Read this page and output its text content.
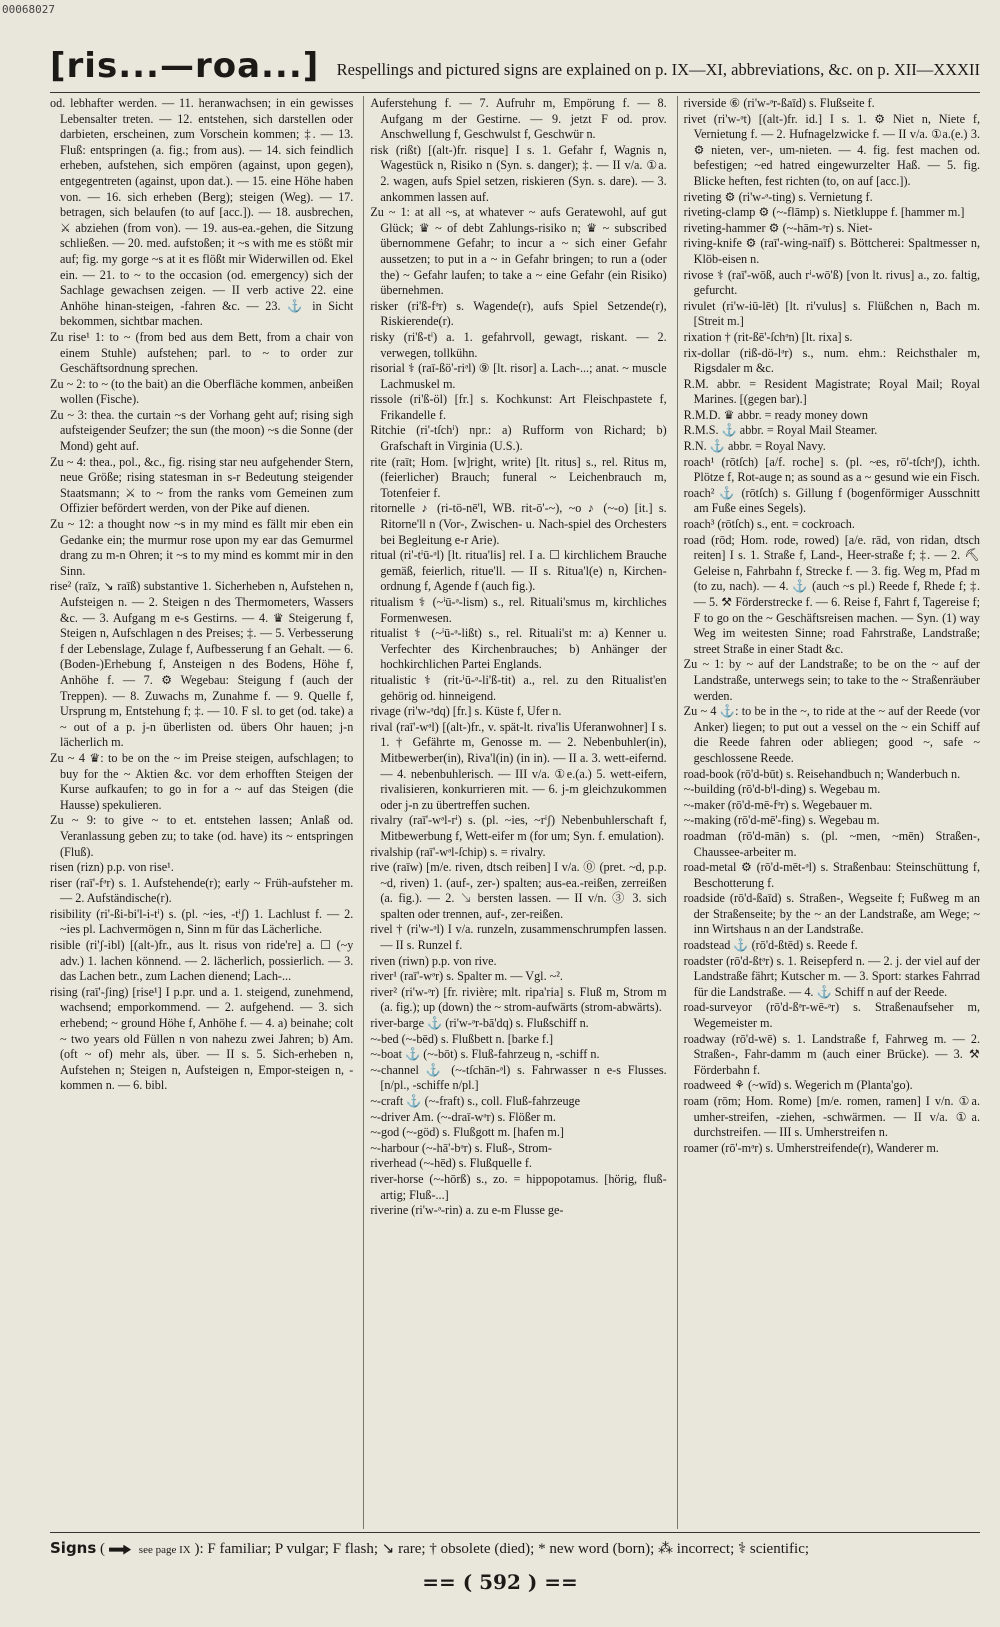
00068027
[ris...—roa...] Respellings and pictured signs are explained on p. IX—XI, abbreviations, &c. on p. XII—XXXII

od. lebhafter werden. — 11. heranwachsen; in ein gewisses Lebensalter treten. — 12. entstehen, sich darstellen oder darbieten, erscheinen, zum Vorschein kommen; ‡. — 13. Fluß: entspringen (a. fig.; from aus). — 14. sich feindlich erheben, aufstehen, sich empören (against, upon gegen), entgegentreten (against, upon dat.). — 15. eine Höhe haben von. — 16. sich erheben (Berg); steigen (Weg). — 17. betragen, sich belaufen (to auf [acc.]). — 18. ausbrechen, ⚔ abziehen (from von). — 19. aus-ea.-gehen, die Sitzung schließen. — 20. med. aufstoßen; it ~s with me es stößt mir auf; fig. my gorge ~s at it es flößt mir Widerwillen od. Ekel ein. — 21. to ~ to the occasion (od. emergency) sich der Sachlage gewachsen zeigen. — II verb active 22. eine Anhöhe hinan-steigen, -fahren &c. — 23. ⚓ in Sicht bekommen, sichtbar machen.

Zu rise¹ 1: to ~ (from bed aus dem Bett, from a chair von einem Stuhle) aufstehen; parl. to ~ to order zur Geschäftsordnung sprechen.

Zu ~ 2: to ~ (to the bait) an die Oberfläche kommen, anbeißen wollen (Fische).

Zu ~ 3: thea. the curtain ~s der Vorhang geht auf; rising sigh aufsteigender Seufzer; the sun (the moon) ~s die Sonne (der Mond) geht auf.

Zu ~ 4: thea., pol., &c., fig. rising star neu aufgehender Stern, neue Größe; rising statesman in s-r Bedeutung steigender Staatsmann; ⚔ to ~ from the ranks vom Gemeinen zum Offizier befördert werden, von der Pike auf dienen.

Zu ~ 12: a thought now ~s in my mind es fällt mir eben ein Gedanke ein; the murmur rose upon my ear das Gemurmel drang zu m-n Ohren; it ~s to my mind es kommt mir in den Sinn.

rise² (raīz, ↘ raīß) substantive 1. Sicherheben n, Aufstehen n, Aufsteigen n. — 2. Steigen n des Thermometers, Wassers &c. — 3. Aufgang m e-s Gestirns. — 4. ♛ Steigerung f, Steigen n, Aufschlagen n des Preises; ‡. — 5. Verbesserung f der Lebenslage, Zulage f, Aufbesserung f an Gehalt. — 6. (Boden-)Erhebung f, Ansteigen n des Bodens, Höhe f, Anhöhe f. — 7. ⚙ Wegebau: Steigung f (auch der Treppen). — 8. Zuwachs m, Zunahme f. — 9. Quelle f, Ursprung m, Entstehung f; ‡. — 10. F sl. to get (od. take) a ~ out of a p. j-n überlisten od. übers Ohr hauen; j-n lächerlich m.

Zu ~ 4 ♛: to be on the ~ im Preise steigen, aufschlagen; to buy for the ~ Aktien &c. vor dem erhofften Steigen der Kurse aufkaufen; to go in for a ~ auf das Steigen (die Hausse) spekulieren.

Zu ~ 9: to give ~ to et. entstehen lassen; Anlaß od. Veranlassung geben zu; to take (od. have) its ~ entspringen (Fluß).

risen (rizn) p.p. von rise¹.

riser (raī'-fᵊr) s. 1. Aufstehende(r); early ~ Früh-aufsteher m. — 2. Aufständische(r).

risibility (ri'-ßi-bi'l-i-tⁱ) s. (pl. ~ies, -tⁱʃ) 1. Lachlust f. — 2. ~ies pl. Lachvermögen n, Sinn m für das Lächerliche.

risible (ri'ʃ-ibl) [(alt-)fr., aus lt. risus von ride're] a. ☐ (~y adv.) 1. lachen könnend. — 2. lächerlich, possierlich. — 3. das Lachen betr., zum Lachen dienend; Lach-...

rising (raī'-ʃing) [rise¹] I p.pr. und a. 1. steigend, zunehmend, wachsend; emporkommend. — 2. aufgehend. — 3. sich erhebend; ~ ground Höhe f, Anhöhe f. — 4. a) beinahe; colt ~ two years old Füllen n von nahezu zwei Jahren; b) Am. (oft ~ of) mehr als, über. — II s. 5. Sich-erheben n, Aufstehen n; Steigen n, Aufsteigen n, Empor-steigen n, -kommen n. — 6. bibl.

Auferstehung f. — 7. Aufruhr m, Empörung f. — 8. Aufgang m der Gestirne. — 9. jetzt F od. prov. Anschwellung f, Geschwulst f, Geschwür n.

risk (rißt) [(alt-)fr. risque] I s. 1. Gefahr f, Wagnis n, Wagestück n, Risiko n (Syn. s. danger); ‡. — II v/a. ①a. 2. wagen, aufs Spiel setzen, riskieren (Syn. s. dare). — 3. ankommen lassen auf.

Zu ~ 1: at all ~s, at whatever ~ aufs Geratewohl, auf gut Glück; ♛ ~ of debt Zahlungs-risiko n; ♛ ~ subscribed übernommene Gefahr; to incur a ~ sich einer Gefahr aussetzen; to put in a ~ in Gefahr bringen; to run a (oder the) ~ Gefahr laufen; to take a ~ eine Gefahr (ein Risiko) übernehmen.

risker (ri'ß-fᵊr) s. Wagende(r), aufs Spiel Setzende(r), Riskierende(r).

risky (ri'ß-tⁱ) a. 1. gefahrvoll, gewagt, riskant. — 2. verwegen, tollkühn.

risorial ⚕ (raī-ßö'-riᵊl) ⑨ [lt. risor] a. Lach-...; anat. ~ muscle Lachmuskel m.

rissole (ri'ß-öl) [fr.] s. Kochkunst: Art Fleischpastete f, Frikandelle f.

Ritchie (ri'-tſchⁱ) npr.: a) Rufform von Richard; b) Grafschaft in Virginia (U.S.).

rite (raīt; Hom. [w]right, write) [lt. ritus] s., rel. Ritus m, (feierlicher) Brauch; funeral ~ Leichenbrauch m, Totenfeier f.

ritornelle ♪ (ri-tö-nē'l, WB. rit-ō'-~), ~o ♪ (~-o) [it.] s. Ritorne'll n (Vor-, Zwischen- u. Nach-spiel des Orchesters bei Begleitung e-r Arie).

ritual (ri'-tⁱū-ᵊl) [lt. ritua'lis] rel. I a. ☐ kirchlichem Brauche gemäß, feierlich, ritue'll. — II s. Ritua'l(e) n, Kirchen-ordnung f, Agende f (auch fig.).

ritualism ⚕ (~ⁱū-ᵊ-lism) s., rel. Rituali'smus m, kirchliches Formenwesen.

ritualist ⚕ (~ⁱū-ᵊ-lißt) s., rel. Rituali'st m: a) Kenner u. Verfechter des Kirchenbrauches; b) Anhänger der hochkirchlichen Partei Englands.

ritualistic ⚕ (rit-ⁱū-ᵊ-li'ß-tit) a., rel. zu den Ritualist'en gehörig od. hinneigend.

rivage (ri'w-ᵊdq) [fr.] s. Küste f, Ufer n.

rival (raī'-wᵊl) [(alt-)fr., v. spät-lt. riva'lis Uferanwohner] I s. 1. † Gefährte m, Genosse m. — 2. Nebenbuhler(in), Mitbewerber(in), Riva'l(in) (in in). — II a. 3. wett-eifernd. — 4. nebenbuhlerisch. — III v/a. ①e.(a.) 5. wett-eifern, rivalisieren, konkurrieren mit. — 6. j-m gleichzukommen oder j-n zu übertreffen suchen.

rivalry (raī'-wᵊl-rⁱ) s. (pl. ~ies, ~rⁱʃ) Nebenbuhlerschaft f, Mitbewerbung f, Wett-eifer m (for um; Syn. f. emulation).

rivalship (raī'-wᵊl-ſchip) s. = rivalry.

rive (raīw) [m/e. riven, dtsch reiben] I v/a. ⓪ (pret. ~d, p.p. ~d, riven) 1. (auf-, zer-) spalten; aus-ea.-reißen, zerreißen (a. fig.). — 2. ↘ bersten lassen. — II v/n. ③ 3. sich spalten oder trennen, auf-, zer-reißen.

rivel † (ri'w-ᵊl) I v/a. runzeln, zusammenschrumpfen lassen. — II s. Runzel f.

riven (riwn) p.p. von rive.

river¹ (raī'-wᵊr) s. Spalter m. — Vgl. ~².

river² (ri'w-ᵊr) [fr. rivière; mlt. ripa'ria] s. Fluß m, Strom m (a. fig.); up (down) the ~ strom-aufwärts (strom-abwärts).

river-barge ⚓ (ri'w-ᵊr-bā'dq) s. Flußschiff n.

~-bed (~-bēd) s. Flußbett n. [barke f.]

~-boat ⚓ (~-bōt) s. Fluß-fahrzeug n, -schiff n.

~-channel ⚓ (~-tſchān-ᵊl) s. Fahrwasser n e-s Flusses. [n/pl., -schiffe n/pl.]

~-craft ⚓ (~-fraft) s., coll. Fluß-fahrzeuge

~-driver Am. (~-draī-wᵊr) s. Flößer m.

~-god (~-göd) s. Flußgott m. [hafen m.]

~-harbour (~-hā'-bᵊr) s. Fluß-, Strom-

riverhead (~-hēd) s. Flußquelle f.

river-horse (~-hōrß) s., zo. = hippopotamus. [hörig, fluß-artig; Fluß-...]

riverine (ri'w-ᵊ-rin) a. zu e-m Flusse ge-

riverside ⑥ (ri'w-ᵊr-ßaīd) s. Flußseite f.

rivet (ri'w-ᵊt) [(alt-)fr. id.] I s. 1. ⚙ Niet n, Niete f, Vernietung f. — 2. Hufnagelzwicke f. — II v/a. ①a.(e.) 3. ⚙ nieten, ver-, um-nieten. — 4. fig. fest machen od. befestigen; ~ed hatred eingewurzelter Haß. — 5. fig. Blicke heften, fest richten (to, on auf [acc.]).

riveting ⚙ (ri'w-ᵊ-ting) s. Vernietung f.

riveting-clamp ⚙ (~-flāmp) s. Nietkluppe f. [hammer m.]

riveting-hammer ⚙ (~-hām-ᵊr) s. Niet-

riving-knife ⚙ (raī'-wing-naīf) s. Böttcherei: Spaltmesser n, Klöb-eisen n.

rivose ⚕ (raī'-wōß, auch rⁱ-wō'ß) [von lt. rivus] a., zo. faltig, gefurcht.

rivulet (ri'w-iū-lēt) [lt. ri'vulus] s. Flüßchen n, Bach m. [Streit m.]

rixation † (rit-ßē'-ſchᵊn) [lt. rixa] s.

rix-dollar (riß-dö-lᵊr) s., num. ehm.: Reichsthaler m, Rigsdaler m &c.

R.M. abbr. = Resident Magistrate; Royal Mail; Royal Marines. [(gegen bar).]

R.M.D. ♛ abbr. = ready money down

R.M.S. ⚓ abbr. = Royal Mail Steamer.

R.N. ⚓ abbr. = Royal Navy.

roach¹ (rōtſch) [a/f. roche] s. (pl. ~es, rō'-tſchᵊʃ), ichth. Plötze f, Rot-auge n; as sound as a ~ gesund wie ein Fisch.

roach² ⚓ (rōtſch) s. Gillung f (bogenförmiger Ausschnitt am Fuße eines Segels).

roach³ (rōtſch) s., ent. = cockroach.

road (rōd; Hom. rode, rowed) [a/e. rād, von ridan, dtsch reiten] I s. 1. Straße f, Land-, Heer-straße f; ‡. — 2. ⛏ Geleise n, Fahrbahn f, Strecke f. — 3. fig. Weg m, Pfad m (to zu, nach). — 4. ⚓ (auch ~s pl.) Reede f, Rhede f; ‡. — 5. ⚒ Förderstrecke f. — 6. Reise f, Fahrt f, Tagereise f; F to go on the ~ Geschäftsreisen machen. — Syn. (1) way Weg im weitesten Sinne; road Fahrstraße, Landstraße; street Straße in einer Stadt &c.

Zu ~ 1: by ~ auf der Landstraße; to be on the ~ auf der Landstraße, unterwegs sein; to take to the ~ Straßenräuber werden.

Zu ~ 4 ⚓: to be in the ~, to ride at the ~ auf der Reede (vor Anker) liegen; to put out a vessel on the ~ ein Schiff auf die Reede fahren oder abliegen; good ~, safe ~ geschlossene Reede.

road-book (rō'd-būt) s. Reisehandbuch n; Wanderbuch n.

~-building (rō'd-bⁱl-ding) s. Wegebau m.

~-maker (rō'd-mē-fᵊr) s. Wegebauer m.

~-making (rō'd-mē'-fing) s. Wegebau m.

roadman (rō'd-mān) s. (pl. ~men, ~mēn) Straßen-, Chaussee-arbeiter m.

road-metal ⚙ (rō'd-mēt-ᵊl) s. Straßenbau: Steinschüttung f, Beschotterung f.

roadside (rō'd-ßaīd) s. Straßen-, Wegseite f; Fußweg m an der Straßenseite; by the ~ an der Landstraße, am Wege; ~ inn Wirtshaus n an der Landstraße.

roadstead ⚓ (rō'd-ßtēd) s. Reede f.

roadster (rō'd-ßtᵊr) s. 1. Reisepferd n. — 2. j. der viel auf der Landstraße fährt; Kutscher m. — 3. Sport: starkes Fahrrad für die Landstraße. — 4. ⚓ Schiff n auf der Reede.

road-surveyor (rō'd-ßᵊr-wē-ᵊr) s. Straßenaufseher m, Wegemeister m.

roadway (rō'd-wē) s. 1. Landstraße f, Fahrweg m. — 2. Straßen-, Fahr-damm m (auch einer Brücke). — 3. ⚒ Förderbahn f.

roadweed ⚘ (~wīd) s. Wegerich m (Planta'go).

roam (rōm; Hom. Rome) [m/e. romen, ramen] I v/n. ①a. umher-streifen, -ziehen, -schwärmen. — II v/a. ①a. durchstreifen. — III s. Umherstreifen n.

roamer (rō'-mᵊr) s. Umherstreifende(r), Wanderer m.

Signs (	see page IX ): F familiar; P vulgar; Ϝ flash; ↘ rare; † obsolete (died); * new word (born); ⁂ incorrect; ⚕ scientific;
== ( 592 ) ==
